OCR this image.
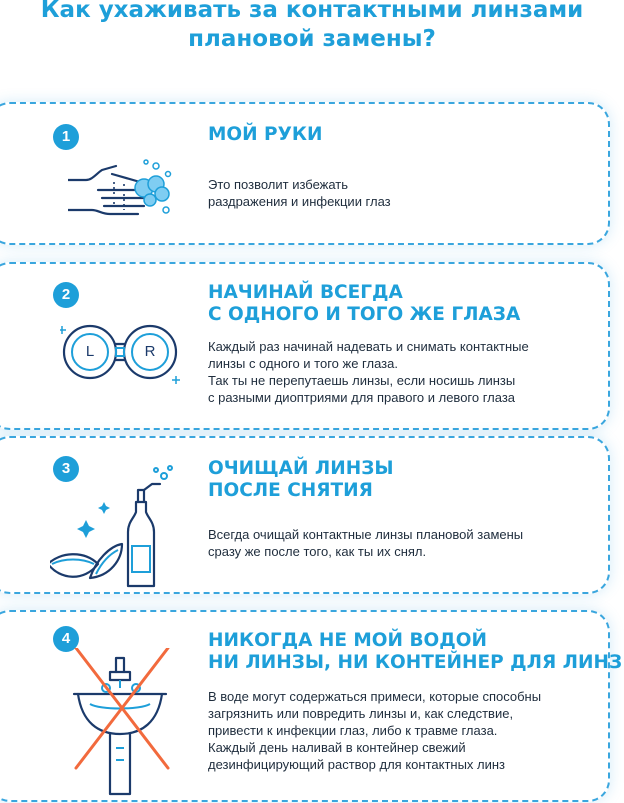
Как ухаживать за контактными линзами
плановой замены?
1	МОЙ РУКИ
Это позволит избежать
раздражения и инфекции глаз
2
L	R
НАЧИНАЙ ВСЕГДА
С ОДНОГО И ТОГО ЖЕ ГЛАЗА
Каждый раз начинай надевать и снимать контактные
линзы с одного и того же глаза.
Так ты не перепутаешь линзы, если носишь линзы
с разными диоптриями для правого и левого глаза
3	ОЧИЩАЙ ЛИНЗЫ
ПОСЛЕ СНЯТИЯ
Всегда очищай контактные линзы плановой замены
сразу же после того, как ты их снял.
4	НИКОГДА НЕ МОЙ ВОДОЙ
НИ ЛИНЗЫ, НИ КОНТЕЙНЕР ДЛЯ ЛИНЗ
В воде могут содержаться примеси, которые способны
загрязнить или повредить линзы и, как следствие,
привести к инфекции глаз, либо к травме глаза.
Каждый день наливай в контейнер свежий
дезинфицирующий раствор для контактных линз
